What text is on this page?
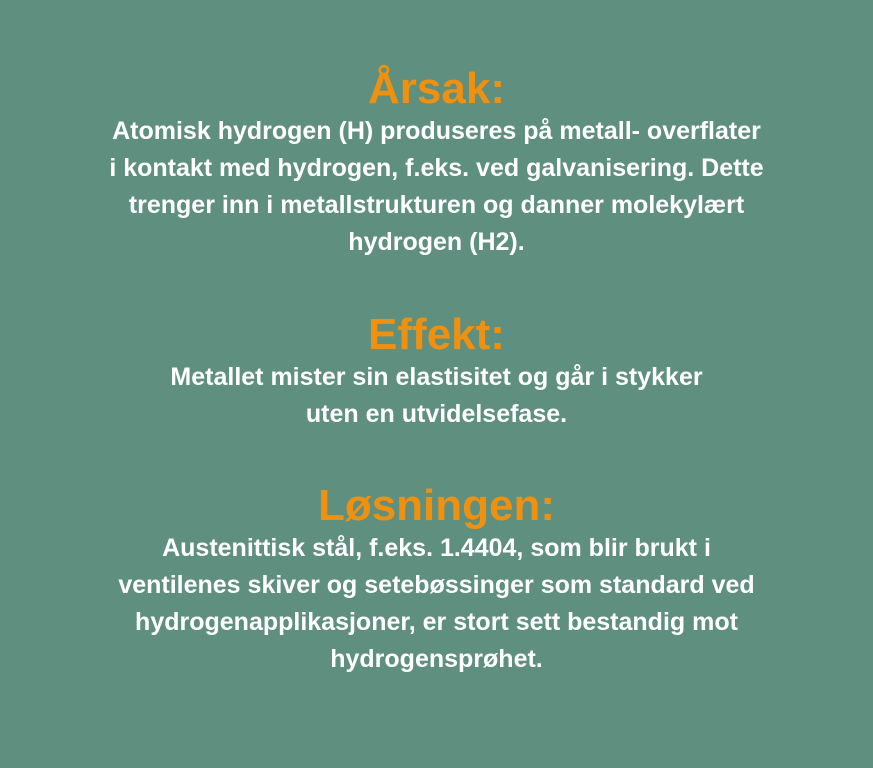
Årsak:
Atomisk hydrogen (H) produseres på metall- overflater
i kontakt med hydrogen, f.eks. ved galvanisering. Dette
trenger inn i metallstrukturen og danner molekylært
hydrogen (H2).
Effekt:
Metallet mister sin elastisitet og går i stykker
uten en utvidelsefase.
Løsningen:
Austenittisk stål, f.eks. 1.4404, som blir brukt i
ventilenes skiver og setebøssinger som standard ved
hydrogenapplikasjoner, er stort sett bestandig mot
hydrogensprøhet.
